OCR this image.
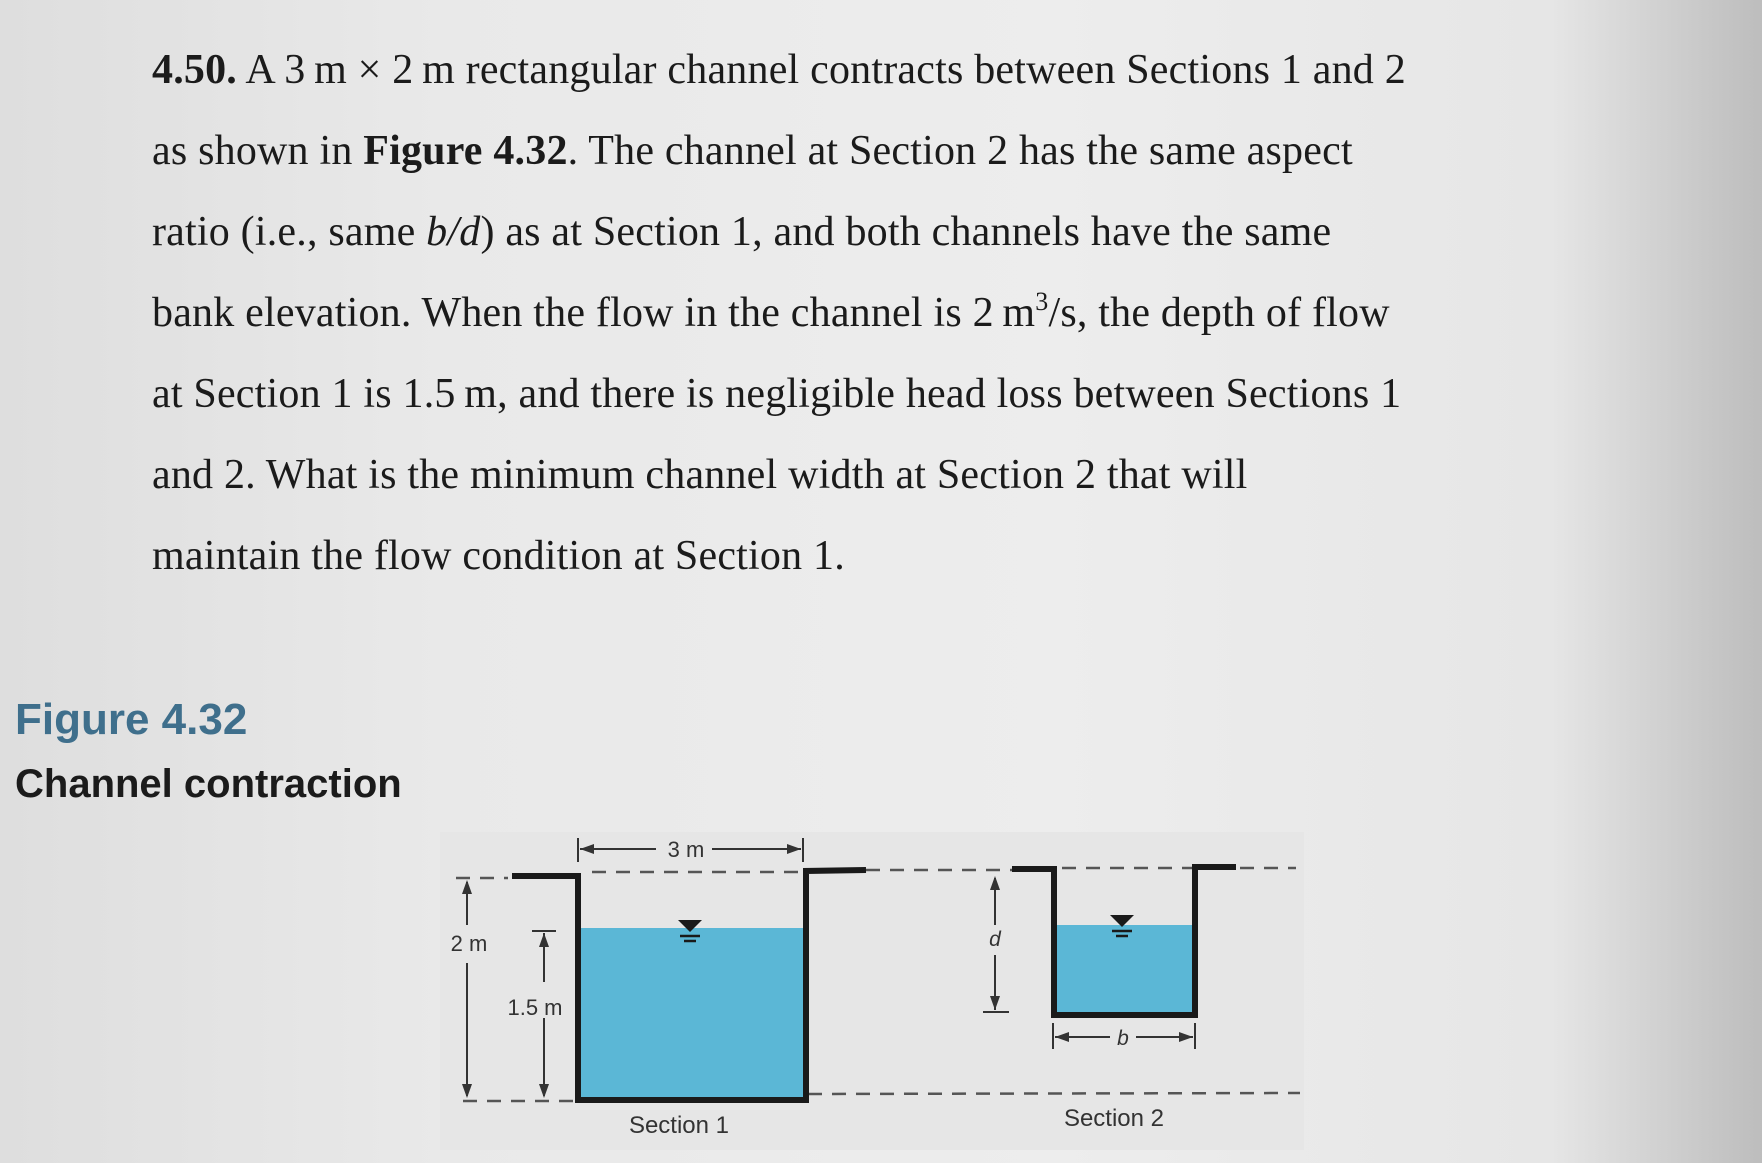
4.50. A 3 m × 2 m rectangular channel contracts between Sections 1 and 2
as shown in Figure 4.32. The channel at Section 2 has the same aspect
ratio (i.e., same b/d) as at Section 1, and both channels have the same
bank elevation. When the flow in the channel is 2 $m^3/s$, the depth of flow
at Section 1 is 1.5 m, and there is negligible head loss between Sections 1
and 2. What is the minimum channel width at Section 2 that will
maintain the flow condition at Section 1.
Figure 4.32
Channel contraction
3 m
2 m
1.5 m
d
b
Section 1	Section 2
